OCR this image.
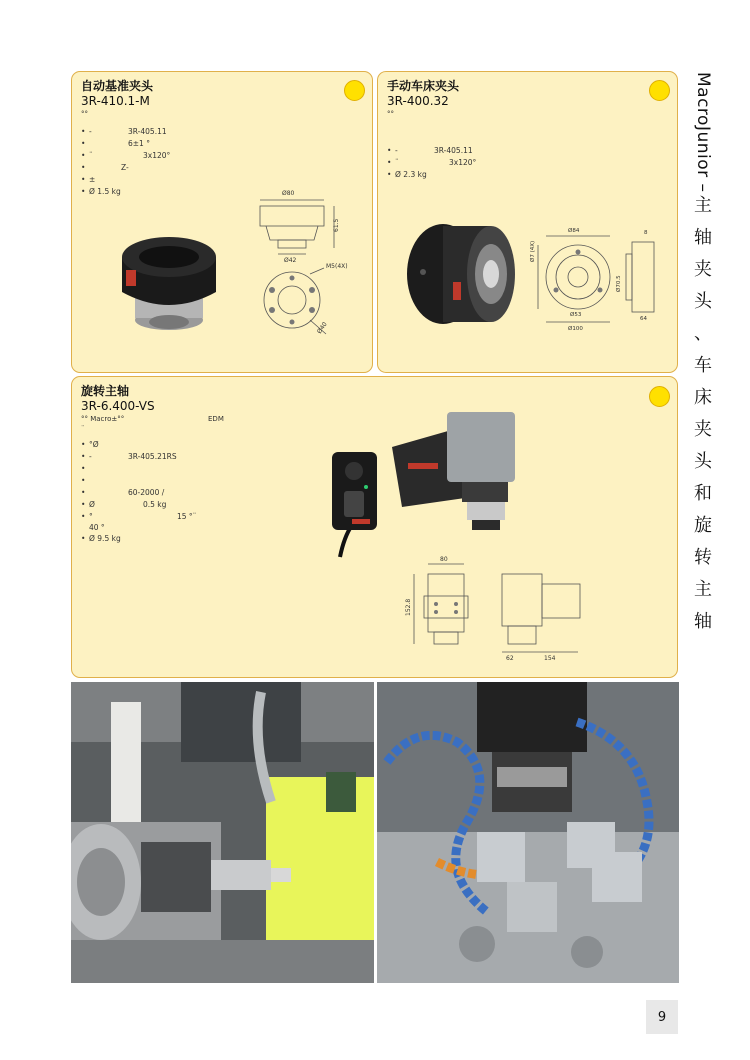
MacroJunior –
主
轴
夹
头
、
车
床
夹
头
和
旋
转
主
轴
自动基准夹头
3R-410.1-M
°°
• -	3R-405.11
•	6±1 °
• ¨	3x120°
•	Z-
• ±
• Ø 1.5 kg	Ø80
61.5
Ø42
M5(4X)
Ø40
手动车床夹头
3R-400.32
°°
• -	3R-405.11
• ¨	3x120°
• Ø 2.3 kg
Ø84	8
Ø7 (4X)
Ø70.5
Ø53
Ø100
64
旋转主轴
3R-6.400-VS
°° Macro±°°	EDM
¨
• °Ø
• -	3R-405.21RS
•
•
•	60-2000 /
• Ø	0.5 kg
• °	15 °¨
40 °
• Ø 9.5 kg
80
152.8
62	154
9
